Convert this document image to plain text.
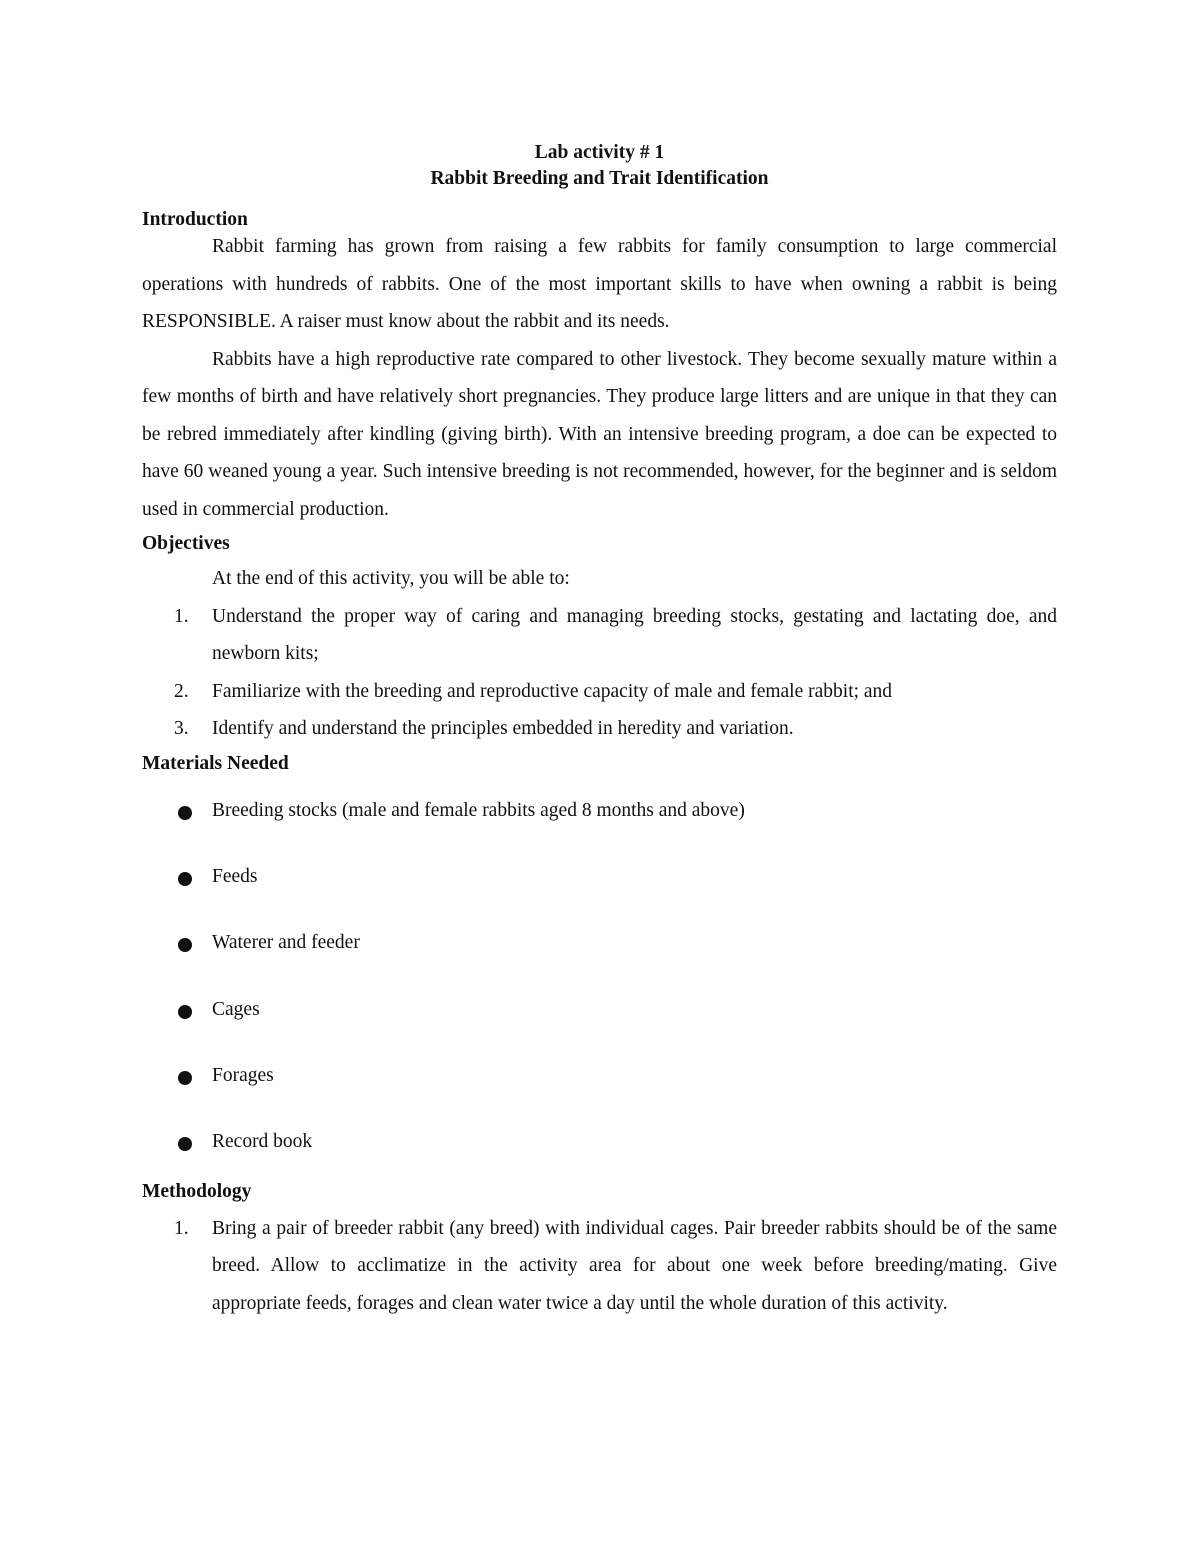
Lab activity # 1
Rabbit Breeding and Trait Identification
Introduction

Rabbit farming has grown from raising a few rabbits for family consumption to large commercial operations with hundreds of rabbits. One of the most important skills to have when owning a rabbit is being RESPONSIBLE. A raiser must know about the rabbit and its needs.

Rabbits have a high reproductive rate compared to other livestock. They become sexually mature within a few months of birth and have relatively short pregnancies. They produce large litters and are unique in that they can be rebred immediately after kindling (giving birth). With an intensive breeding program, a doe can be expected to have 60 weaned young a year. Such intensive breeding is not recommended, however, for the beginner and is seldom used in commercial production.

Objectives

At the end of this activity, you will be able to:

1. Understand the proper way of caring and managing breeding stocks, gestating and lactating doe, and newborn kits;
2. Familiarize with the breeding and reproductive capacity of male and female rabbit; and
3. Identify and understand the principles embedded in heredity and variation.
Materials Needed
Breeding stocks (male and female rabbits aged 8 months and above)
Feeds
Waterer and feeder
Cages
Forages
Record book
Methodology
1. Bring a pair of breeder rabbit (any breed) with individual cages. Pair breeder rabbits should be of the same breed. Allow to acclimatize in the activity area for about one week before breeding/mating. Give appropriate feeds, forages and clean water twice a day until the whole duration of this activity.
